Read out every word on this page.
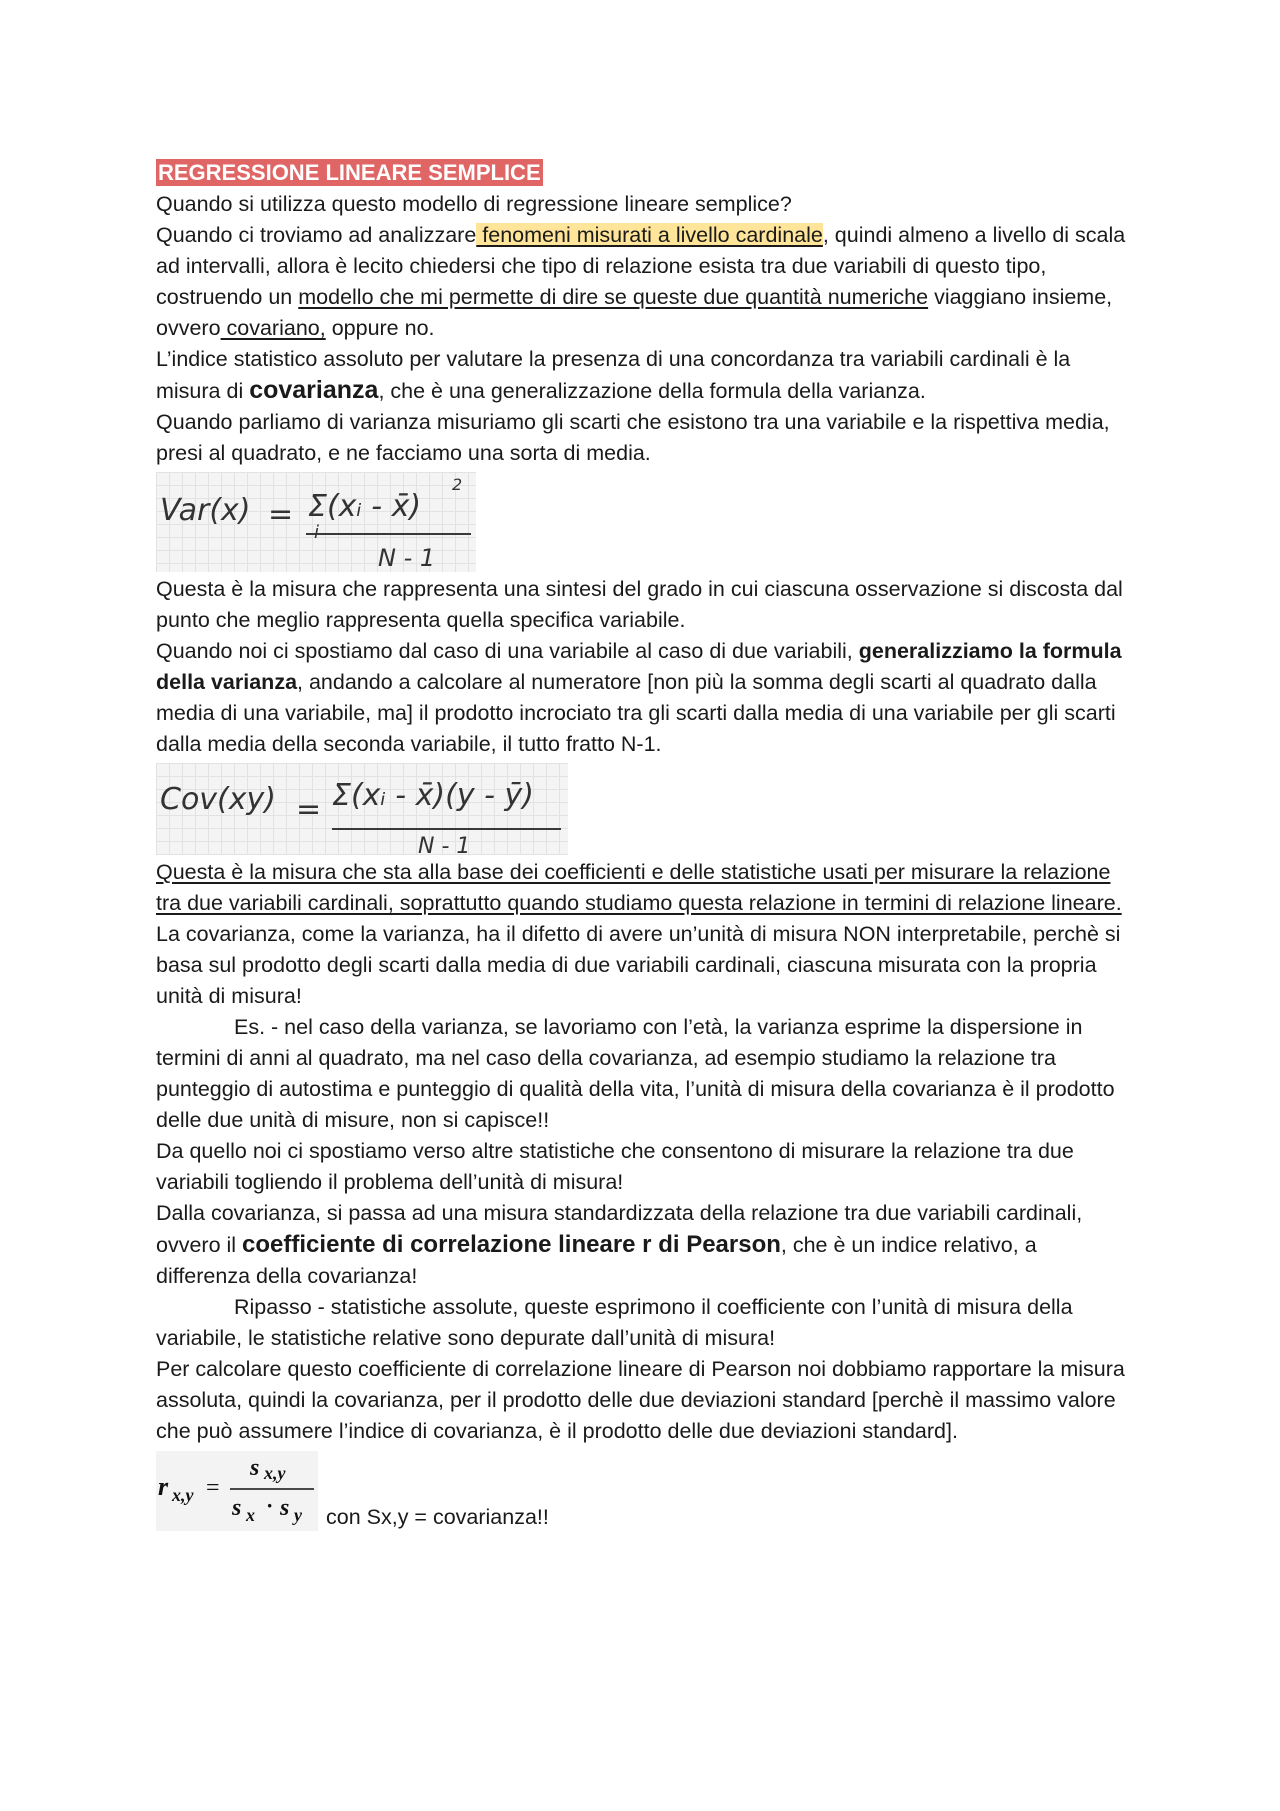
REGRESSIONE LINEARE SEMPLICE

Quando si utilizza questo modello di regressione lineare semplice?

Quando ci troviamo ad analizzare fenomeni misurati a livello cardinale, quindi almeno a livello di scala ad intervalli, allora è lecito chiedersi che tipo di relazione esista tra due variabili di questo tipo, costruendo un modello che mi permette di dire se queste due quantità numeriche viaggiano insieme, ovvero covariano, oppure no.

L’indice statistico assoluto per valutare la presenza di una concordanza tra variabili cardinali è la misura di covarianza, che è una generalizzazione della formula della varianza.

Quando parliamo di varianza misuriamo gli scarti che esistono tra una variabile e la rispettiva media, presi al quadrato, e ne facciamo una sorta di media.

Var(x) = Σ(xᵢ - x̄)
2
i
N - 1

Questa è la misura che rappresenta una sintesi del grado in cui ciascuna osservazione si discosta dal punto che meglio rappresenta quella specifica variabile.

Quando noi ci spostiamo dal caso di una variabile al caso di due variabili, generalizziamo la formula della varianza, andando a calcolare al numeratore [non più la somma degli scarti al quadrato dalla media di una variabile, ma] il prodotto incrociato tra gli scarti dalla media di una variabile per gli scarti dalla media della seconda variabile, il tutto fratto N-1.

Cov(xy) = Σ(xᵢ - x̄)(y - ȳ)
N - 1

Questa è la misura che sta alla base dei coefficienti e delle statistiche usati per misurare la relazione tra due variabili cardinali, soprattutto quando studiamo questa relazione in termini di relazione lineare.

La covarianza, come la varianza, ha il difetto di avere un’unità di misura NON interpretabile, perchè si basa sul prodotto degli scarti dalla media di due variabili cardinali, ciascuna misurata con la propria unità di misura!

Es. - nel caso della varianza, se lavoriamo con l’età, la varianza esprime la dispersione in termini di anni al quadrato, ma nel caso della covarianza, ad esempio studiamo la relazione tra punteggio di autostima e punteggio di qualità della vita, l’unità di misura della covarianza è il prodotto delle due unità di misure, non si capisce!!

Da quello noi ci spostiamo verso altre statistiche che consentono di misurare la relazione tra due variabili togliendo il problema dell’unità di misura!

Dalla covarianza, si passa ad una misura standardizzata della relazione tra due variabili cardinali, ovvero il coefficiente di correlazione lineare r di Pearson, che è un indice relativo, a differenza della covarianza!

Ripasso - statistiche assolute, queste esprimono il coefficiente con l’unità di misura della variabile, le statistiche relative sono depurate dall’unità di misura!

Per calcolare questo coefficiente di correlazione lineare di Pearson noi dobbiamo rapportare la misura assoluta, quindi la covarianza, per il prodotto delle due deviazioni standard [perchè il massimo valore che può assumere l’indice di covarianza, è il prodotto delle due deviazioni standard].

r x,y =
s x,y
s x · s y con Sx,y = covarianza!!
